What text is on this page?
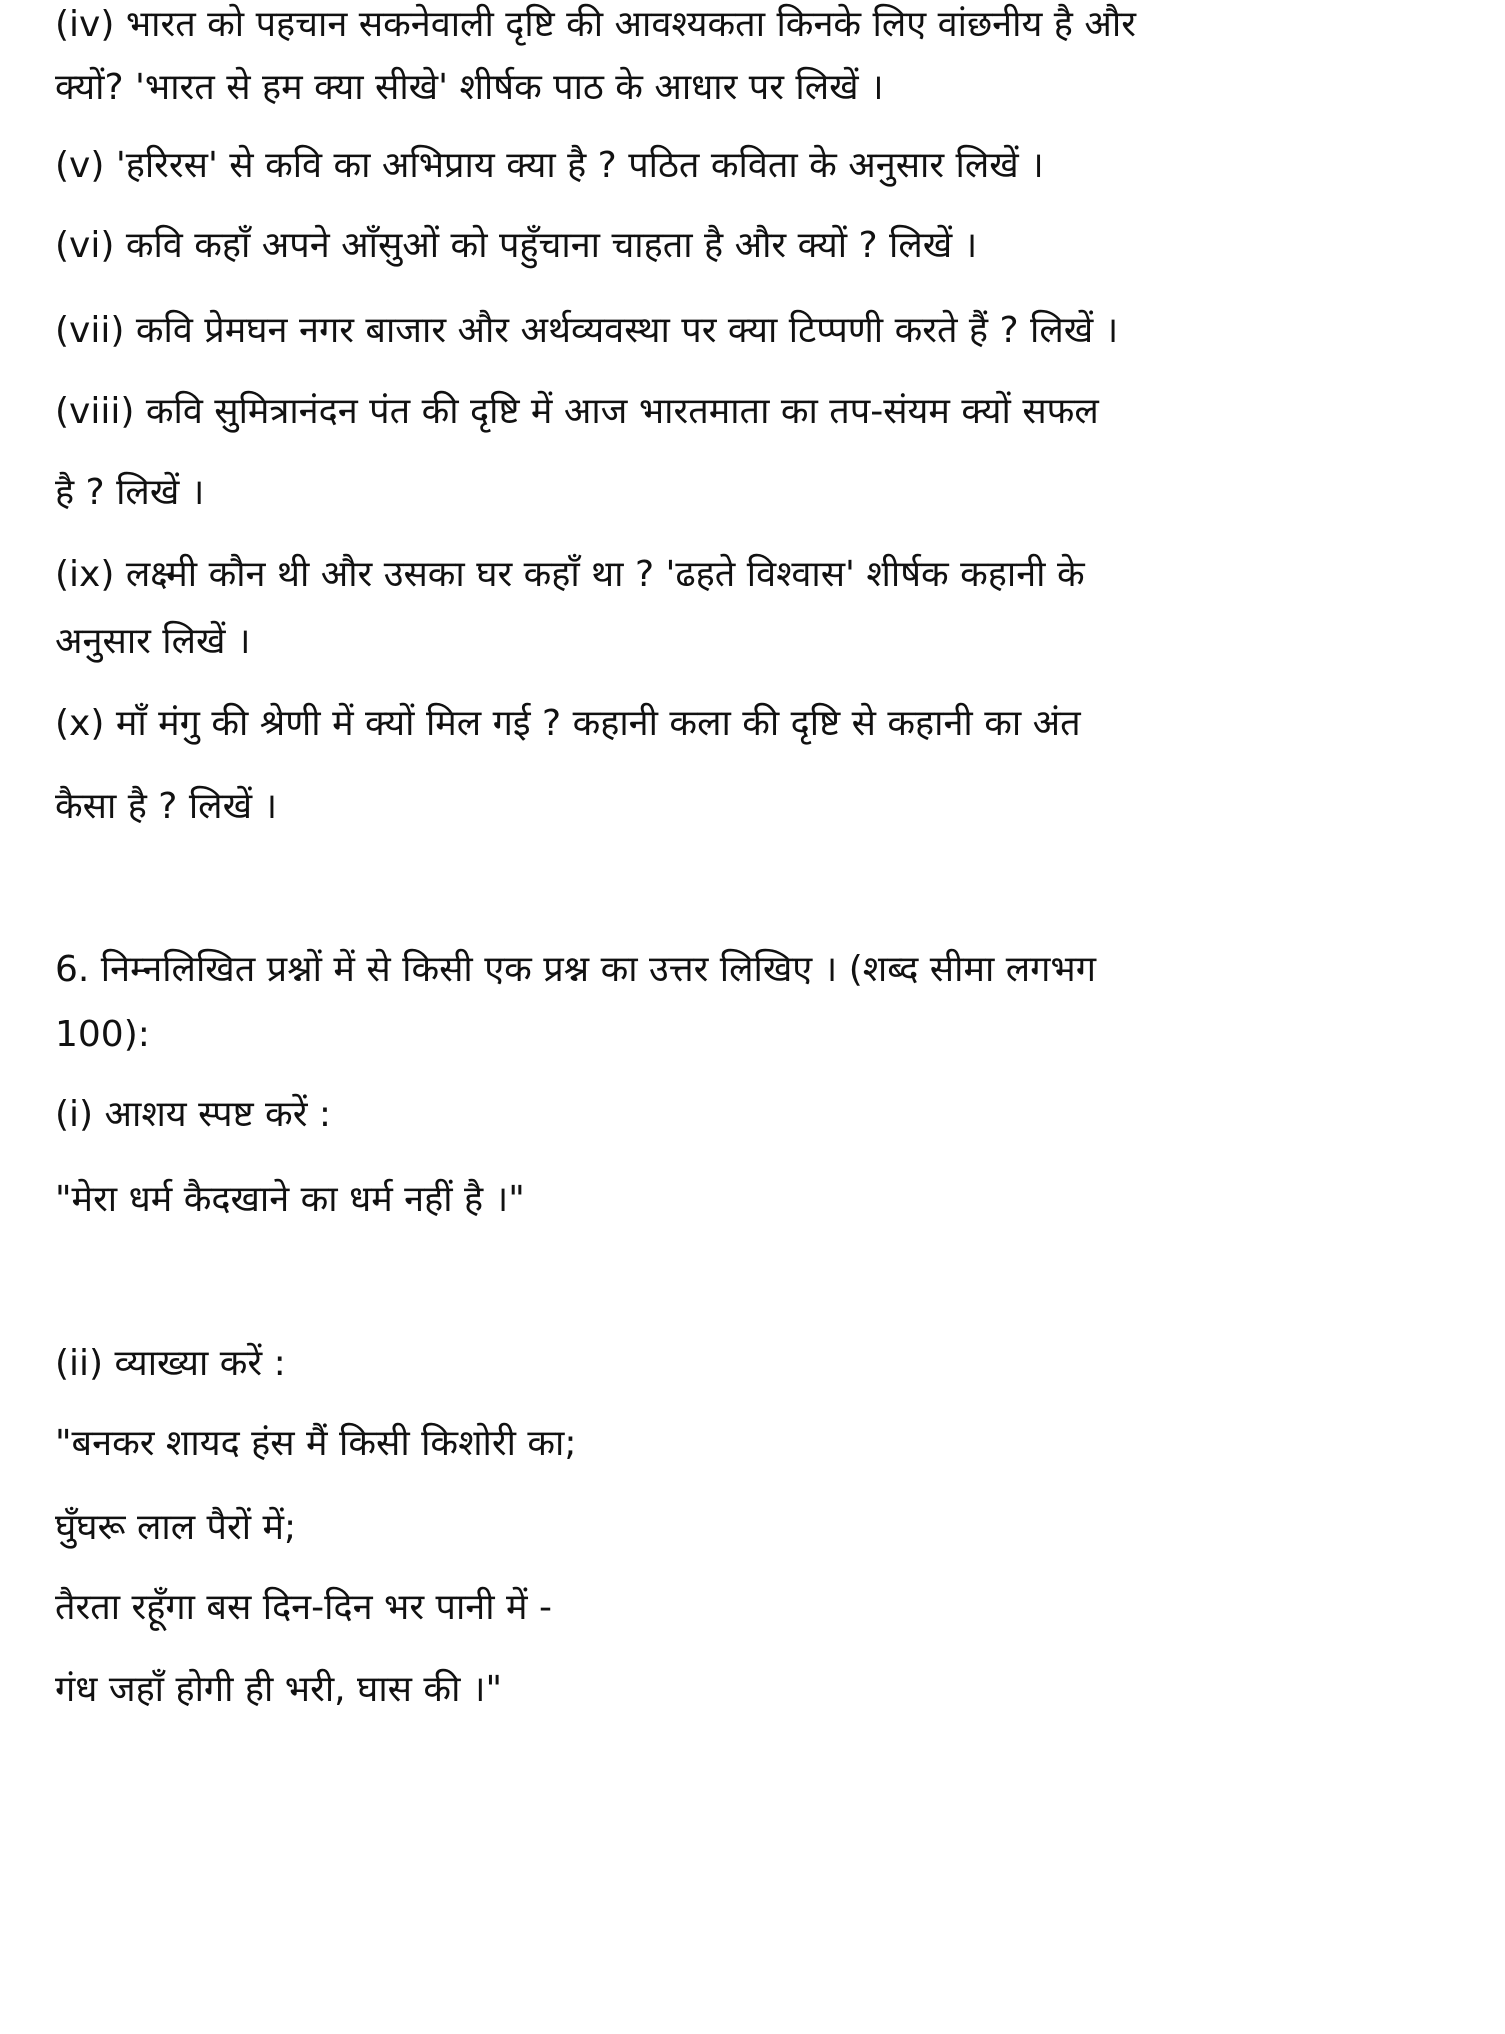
(iv) भारत को पहचान सकनेवाली दृष्टि की आवश्यकता किनके लिए वांछनीय है और
क्यों? 'भारत से हम क्या सीखे' शीर्षक पाठ के आधार पर लिखें ।
(v) 'हरिरस' से कवि का अभिप्राय क्या है ? पठित कविता के अनुसार लिखें ।
(vi) कवि कहाँ अपने आँसुओं को पहुँचाना चाहता है और क्यों ? लिखें ।
(vii) कवि प्रेमघन नगर बाजार और अर्थव्यवस्था पर क्या टिप्पणी करते हैं ? लिखें ।
(viii) कवि सुमित्रानंदन पंत की दृष्टि में आज भारतमाता का तप-संयम क्यों सफल
है ? लिखें ।
(ix) लक्ष्मी कौन थी और उसका घर कहाँ था ? 'ढहते विश्वास' शीर्षक कहानी के
अनुसार लिखें ।
(x) माँ मंगु की श्रेणी में क्यों मिल गई ? कहानी कला की दृष्टि से कहानी का अंत
कैसा है ? लिखें ।
6. निम्नलिखित प्रश्नों में से किसी एक प्रश्न का उत्तर लिखिए । (शब्द सीमा लगभग
100):
(i) आशय स्पष्ट करें :
"मेरा धर्म कैदखाने का धर्म नहीं है ।"
(ii) व्याख्या करें :
"बनकर शायद हंस मैं किसी किशोरी का;
घुँघरू लाल पैरों में;
तैरता रहूँगा बस दिन-दिन भर पानी में -
गंध जहाँ होगी ही भरी, घास की ।"
